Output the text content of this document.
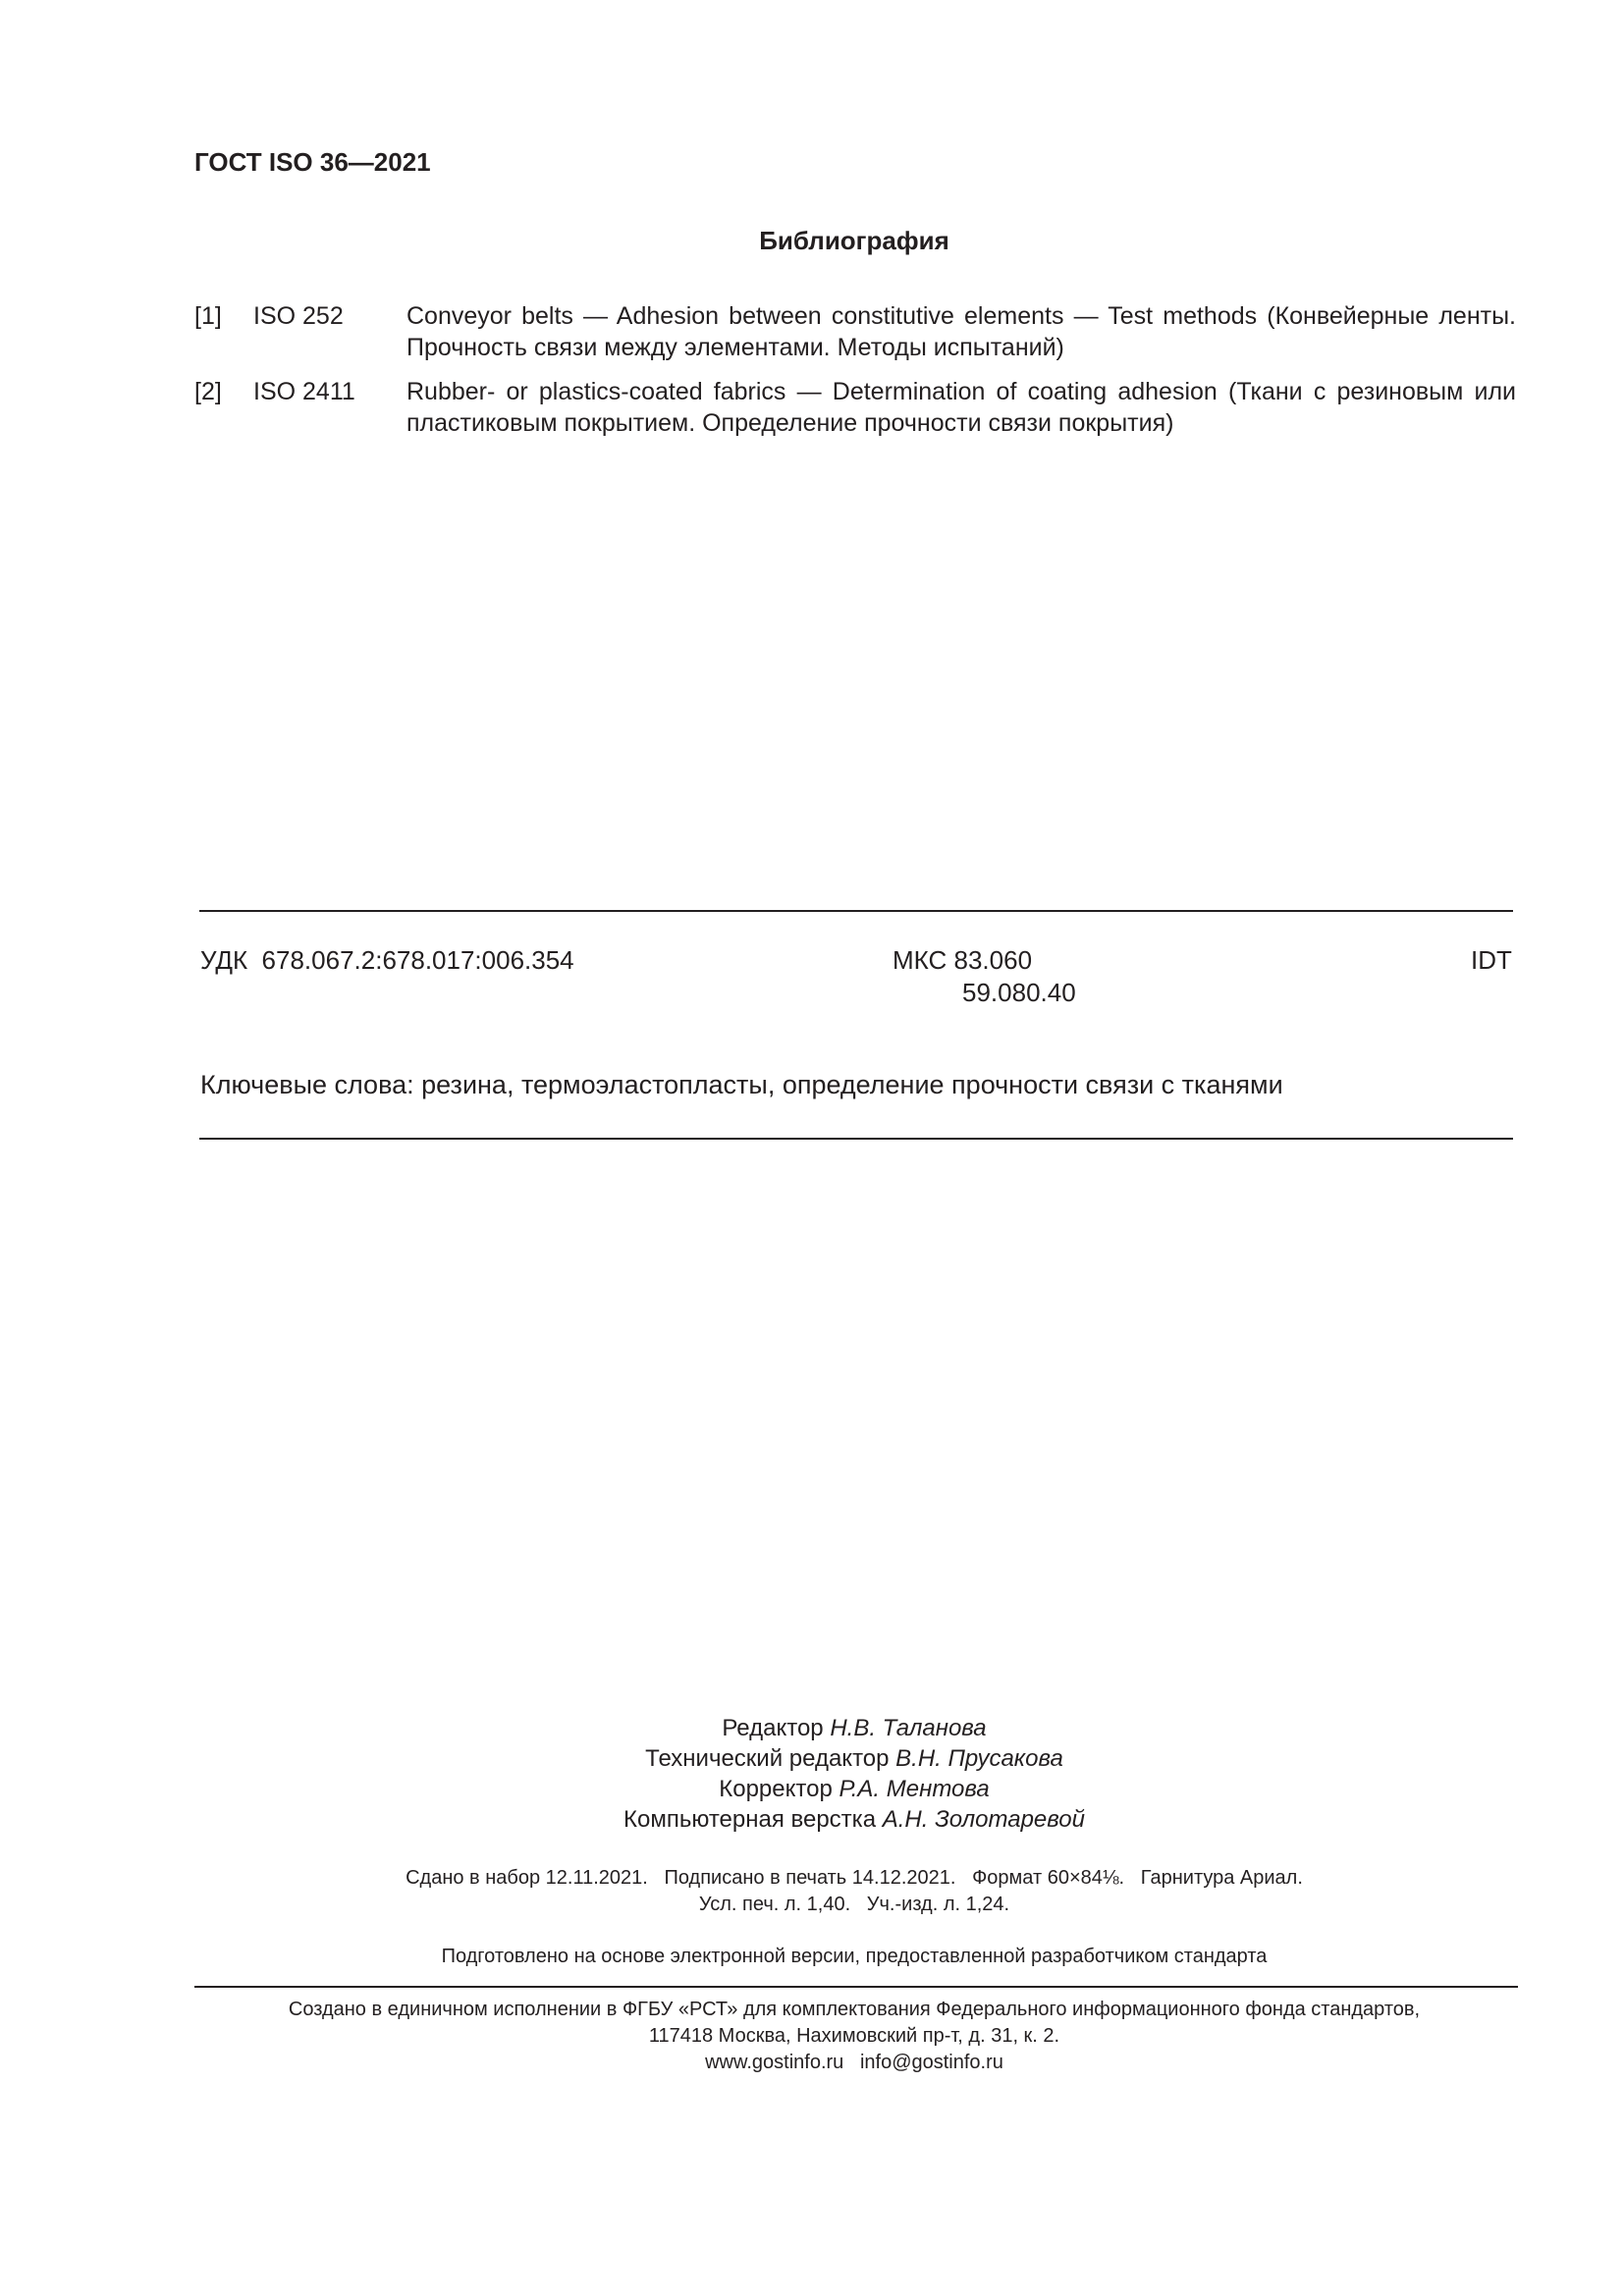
ГОСТ ISO 36—2021
Библиография
[1] ISO 252	Conveyor belts — Adhesion between constitutive elements — Test methods (Конвейерные ленты. Прочность связи между элементами. Методы испытаний)
[2] ISO 2411 Rubber- or plastics-coated fabrics — Determination of coating adhesion (Ткани с резиновым или пластиковым покрытием. Определение прочности связи покрытия)
УДК  678.067.2:678.017:006.354	МКС 83.060
59.080.40
IDT
Ключевые слова: резина, термоэластопласты, определение прочности связи с тканями
Редактор Н.В. Таланова
Технический редактор В.Н. Прусакова
Корректор Р.А. Ментова
Компьютерная верстка А.Н. Золотаревой
Сдано в набор 12.11.2021.   Подписано в печать 14.12.2021.   Формат 60×84⅛.   Гарнитура Ариал.
Усл. печ. л. 1,40.   Уч.-изд. л. 1,24.
Подготовлено на основе электронной версии, предоставленной разработчиком стандарта
Создано в единичном исполнении в ФГБУ «РСТ» для комплектования Федерального информационного фонда стандартов,
117418 Москва, Нахимовский пр-т, д. 31, к. 2.
www.gostinfo.ru   info@gostinfo.ru
